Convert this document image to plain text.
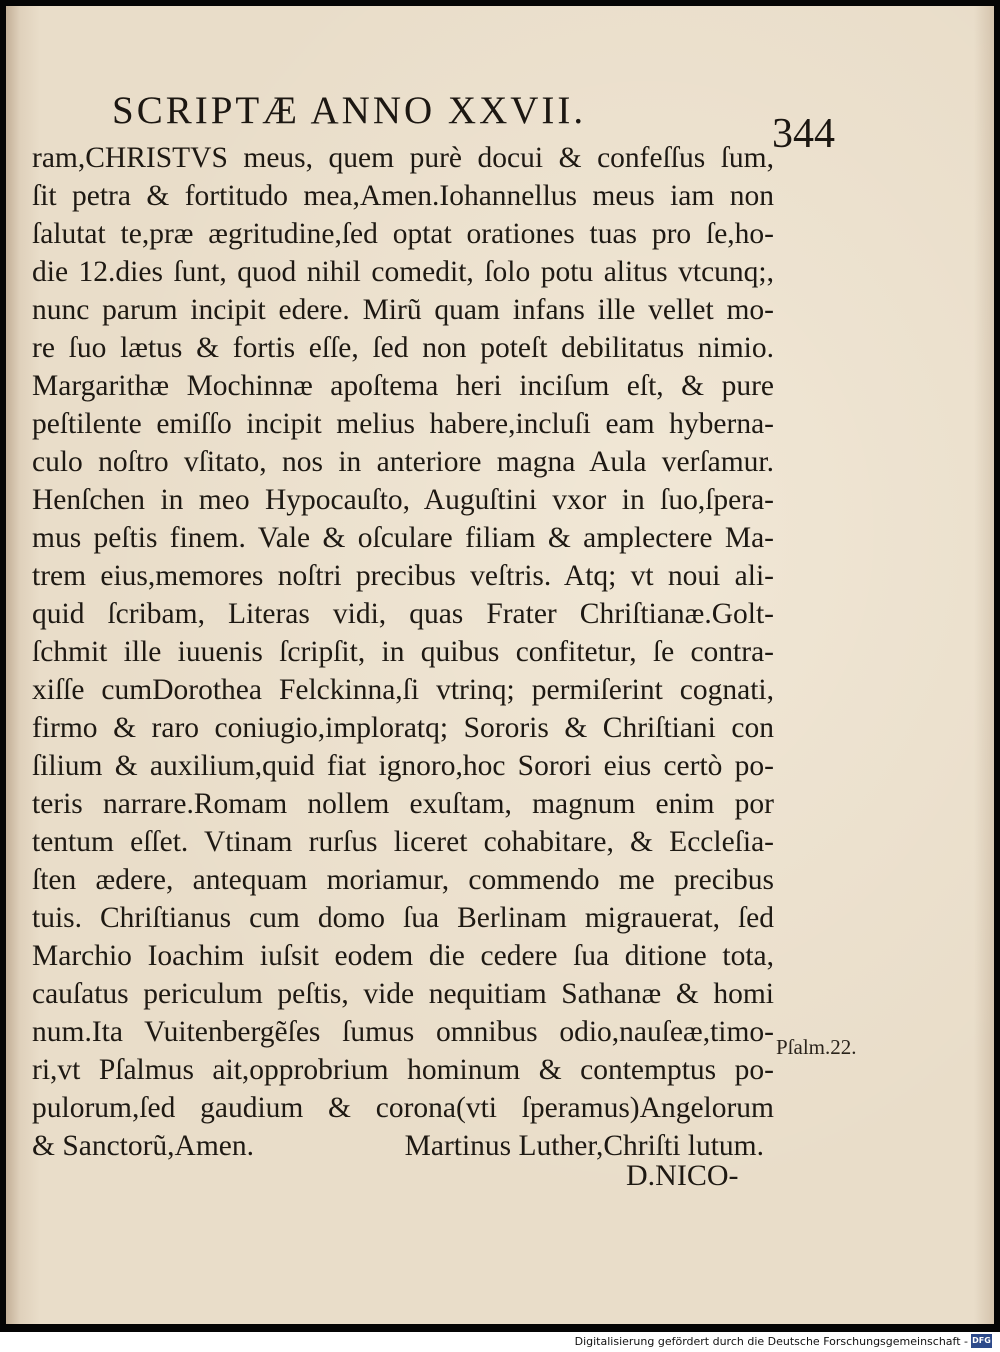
SCRIPTÆ ANNO XXVII.
344
ram,CHRISTVS meus, quem purè docui & confeſſus ſum,
ſit petra & fortitudo mea,Amen.Iohannellus meus iam non
ſalutat te,præ ægritudine,ſed optat orationes tuas pro ſe,ho-
die 12.dies ſunt, quod nihil comedit, ſolo potu alitus vtcunq;,
nunc parum incipit edere. Mirũ quam infans ille vellet mo-
re ſuo lætus & fortis eſſe, ſed non poteſt debilitatus nimio.
Margarithæ Mochinnæ apoſtema heri inciſum eſt, & pure
peſtilente emiſſo incipit melius habere,incluſi eam hyberna-
culo noſtro vſitato, nos in anteriore magna Aula verſamur.
Henſchen in meo Hypocauſto, Auguſtini vxor in ſuo,ſpera-
mus peſtis finem. Vale & oſculare filiam & amplectere Ma-
trem eius,memores noſtri precibus veſtris. Atq; vt noui ali-
quid ſcribam, Literas vidi, quas Frater Chriſtianæ.Golt-
ſchmit ille iuuenis ſcripſit, in quibus confitetur, ſe contra-
xiſſe cumDorothea Felckinna,ſi vtrinq; permiſerint cognati,
firmo & raro coniugio,imploratq; Sororis & Chriſtiani con
ſilium & auxilium,quid fiat ignoro,hoc Sorori eius certò po-
teris narrare.Romam nollem exuſtam, magnum enim por
tentum eſſet. Vtinam rurſus liceret cohabitare, & Eccleſia-
ſten ædere, antequam moriamur, commendo me precibus
tuis. Chriſtianus cum domo ſua Berlinam migrauerat, ſed
Marchio Ioachim iuſsit eodem die cedere ſua ditione tota,
cauſatus periculum peſtis, vide nequitiam Sathanæ & homi
num.Ita Vuitenbergẽſes ſumus omnibus odio,nauſeæ,timo-
ri,vt Pſalmus ait,opprobrium hominum & contemptus po-
pulorum,ſed gaudium & corona(vti ſperamus)Angelorum
& Sanctorũ,Amen.	Martinus Luther,Chriſti lutum.
D.NICO-
Pſalm.22.
Digitalisierung gefördert durch die Deutsche Forschungsgemeinschaft - DFG
